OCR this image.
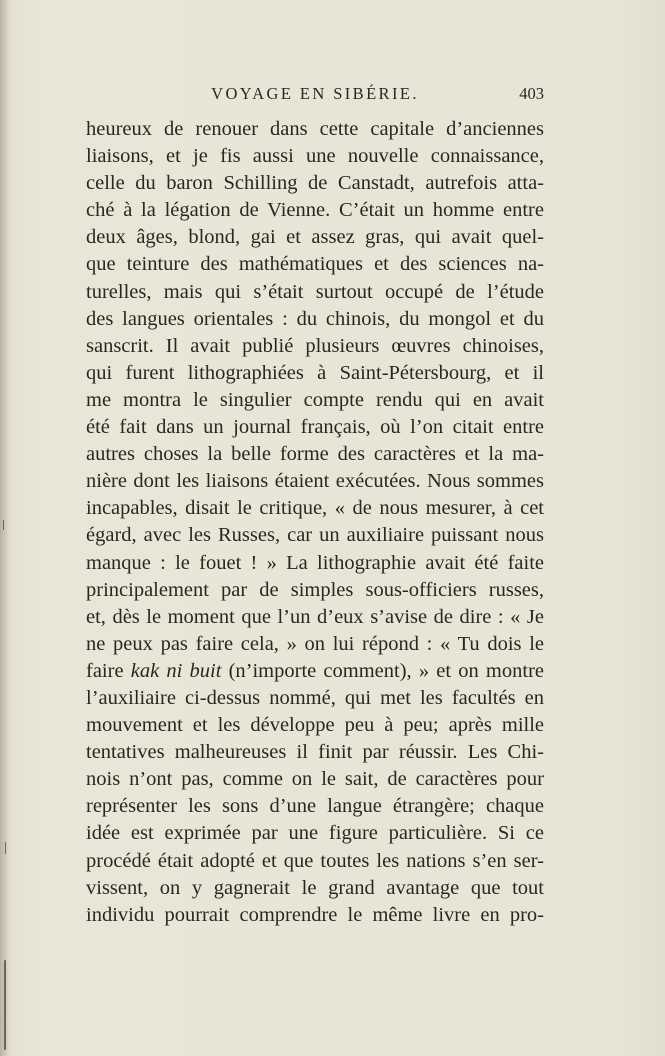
VOYAGE EN SIBÉRIE.	403
heureux de renouer dans cette capitale d’anciennes
liaisons, et je fis aussi une nouvelle connaissance,
celle du baron Schilling de Canstadt, autrefois atta-
ché à la légation de Vienne. C’était un homme entre
deux âges, blond, gai et assez gras, qui avait quel-
que teinture des mathématiques et des sciences na-
turelles, mais qui s’était surtout occupé de l’étude
des langues orientales : du chinois, du mongol et du
sanscrit. Il avait publié plusieurs œuvres chinoises,
qui furent lithographiées à Saint-Pétersbourg, et il
me montra le singulier compte rendu qui en avait
été fait dans un journal français, où l’on citait entre
autres choses la belle forme des caractères et la ma-
nière dont les liaisons étaient exécutées. Nous sommes
incapables, disait le critique, « de nous mesurer, à cet
égard, avec les Russes, car un auxiliaire puissant nous
manque : le fouet ! » La lithographie avait été faite
principalement par de simples sous-officiers russes,
et, dès le moment que l’un d’eux s’avise de dire : « Je
ne peux pas faire cela, » on lui répond : « Tu dois le
faire kak ni buit (n’importe comment), » et on montre
l’auxiliaire ci-dessus nommé, qui met les facultés en
mouvement et les développe peu à peu; après mille
tentatives malheureuses il finit par réussir. Les Chi-
nois n’ont pas, comme on le sait, de caractères pour
représenter les sons d’une langue étrangère; chaque
idée est exprimée par une figure particulière. Si ce
procédé était adopté et que toutes les nations s’en ser-
vissent, on y gagnerait le grand avantage que tout
individu pourrait comprendre le même livre en pro-
